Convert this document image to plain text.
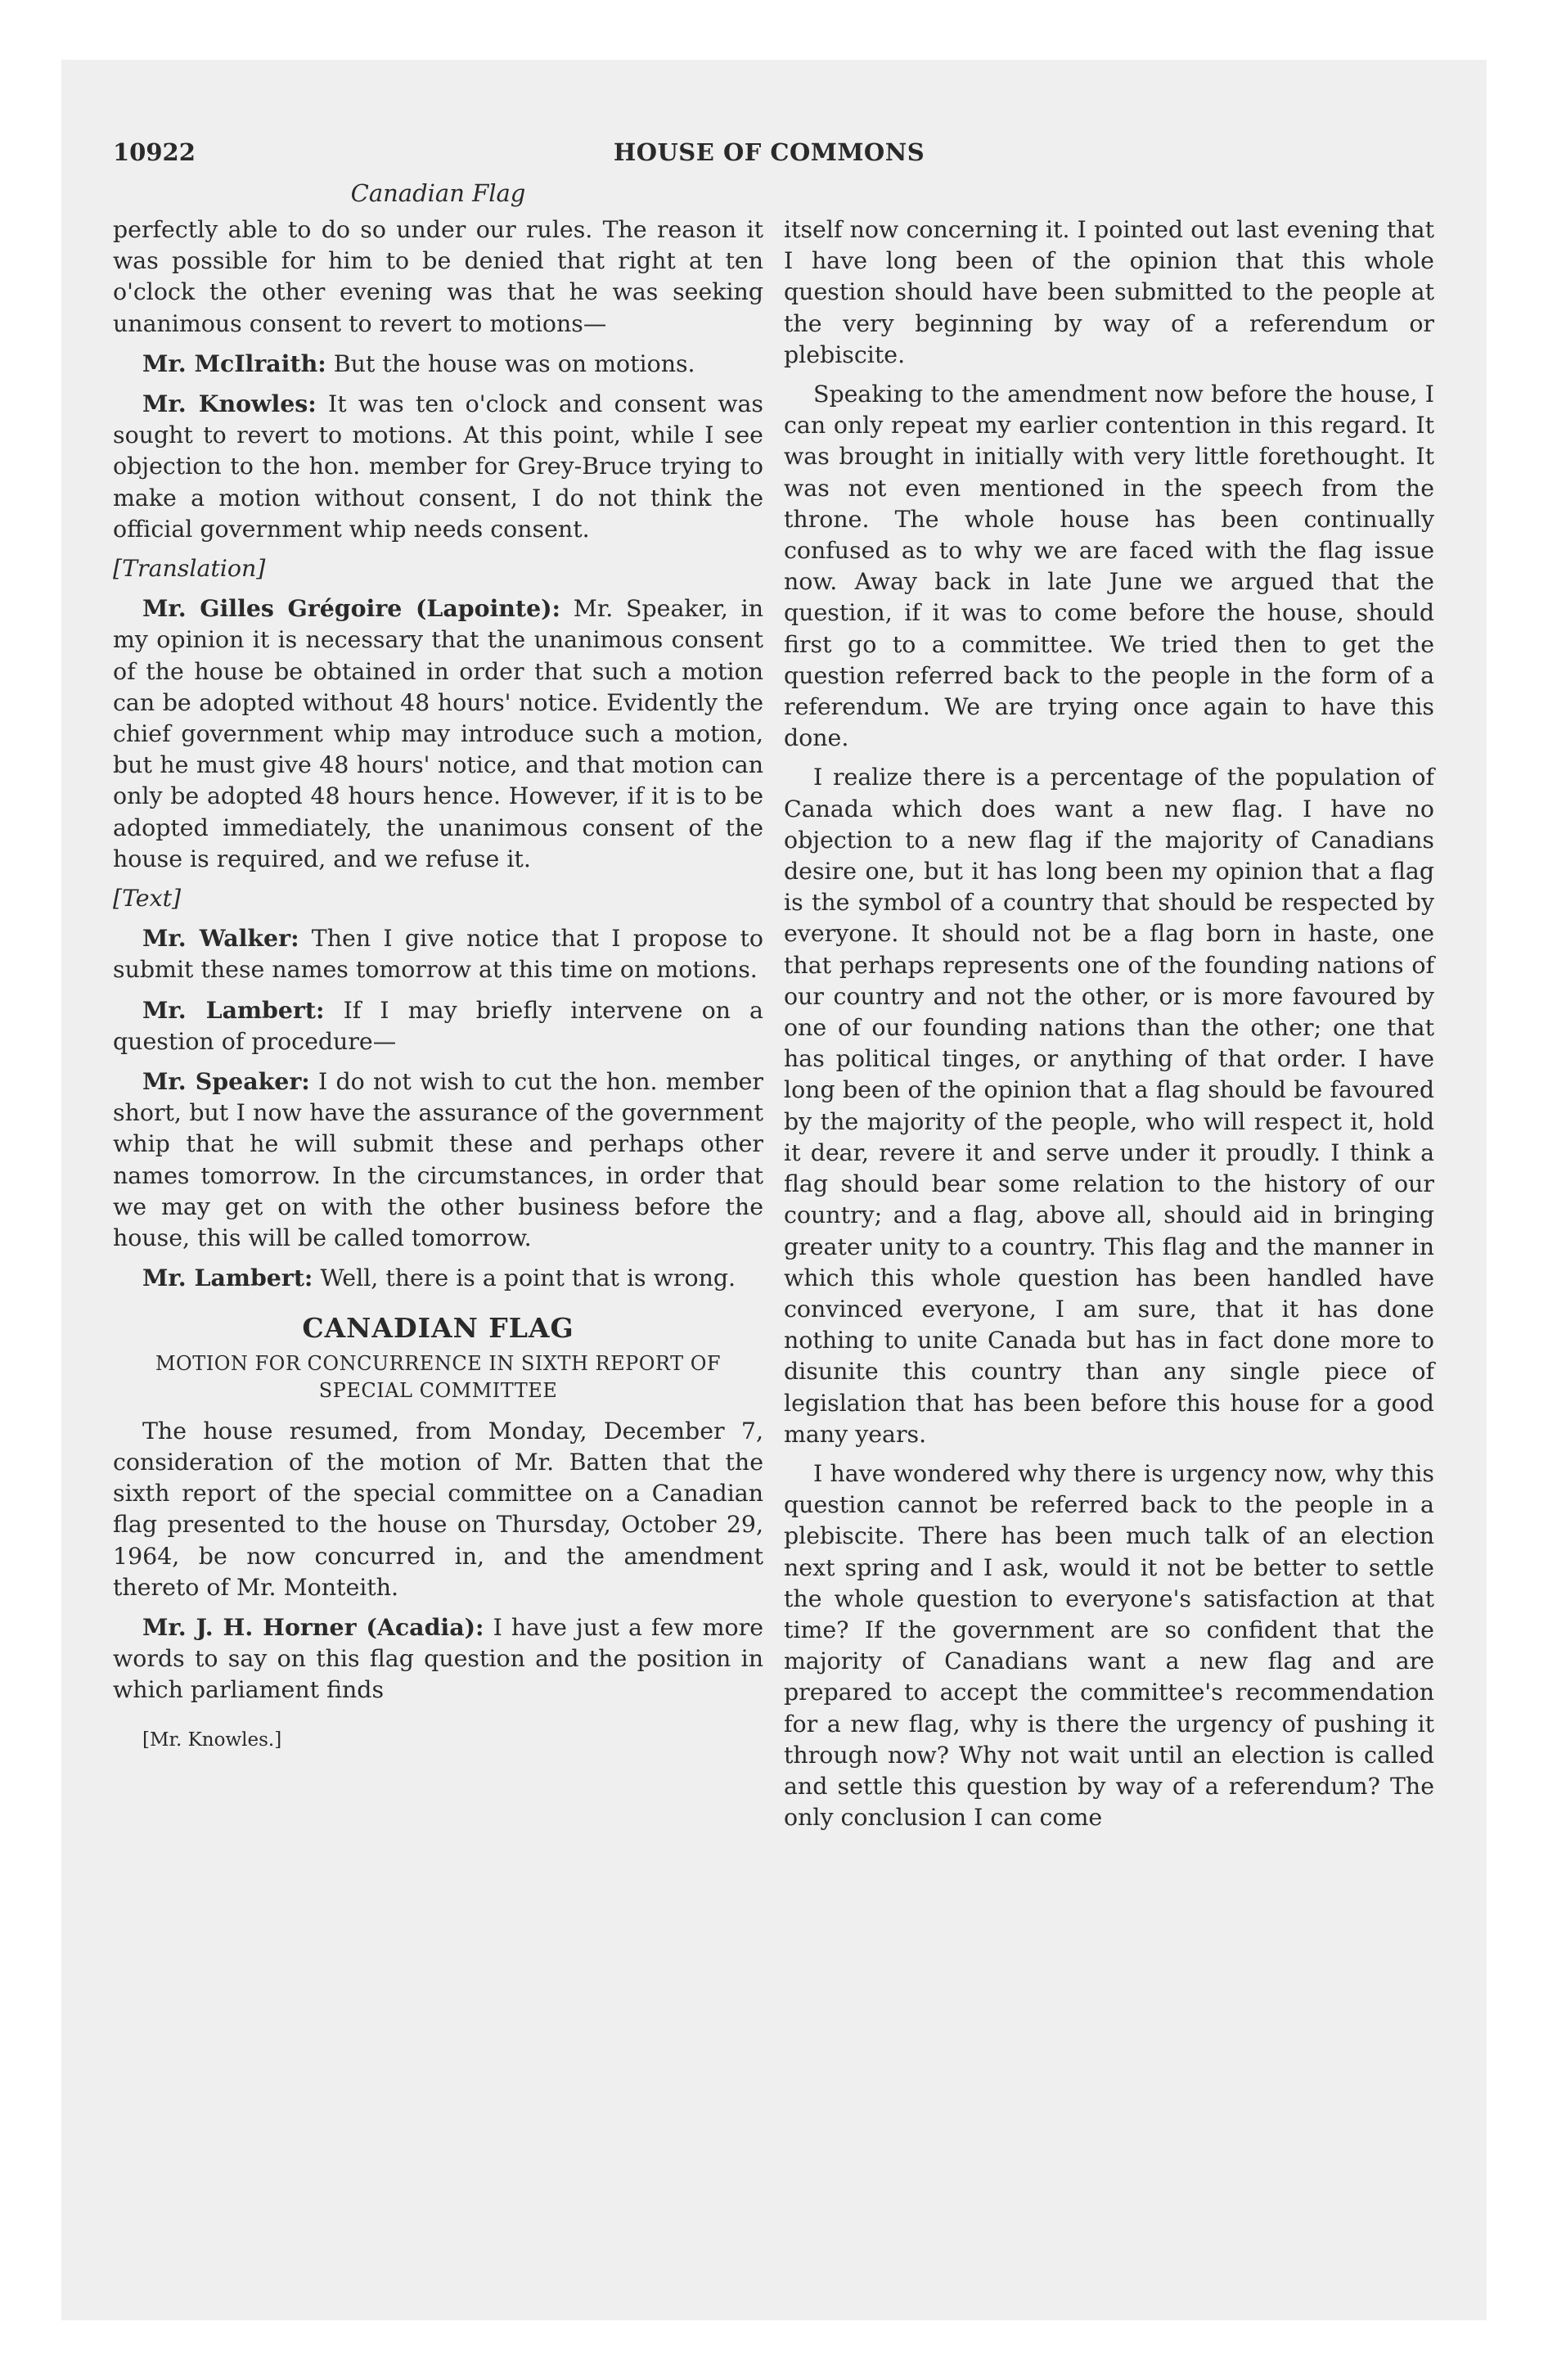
10922	HOUSE OF COMMONS
Canadian Flag

perfectly able to do so under our rules. The reason it was possible for him to be denied that right at ten o'clock the other evening was that he was seeking unanimous consent to revert to motions—

Mr. McIlraith: But the house was on motions.

Mr. Knowles: It was ten o'clock and consent was sought to revert to motions. At this point, while I see objection to the hon. member for Grey-Bruce trying to make a motion without consent, I do not think the official government whip needs consent.

[Translation]

Mr. Gilles Grégoire (Lapointe): Mr. Speaker, in my opinion it is necessary that the unanimous consent of the house be obtained in order that such a motion can be adopted without 48 hours' notice. Evidently the chief government whip may introduce such a motion, but he must give 48 hours' notice, and that motion can only be adopted 48 hours hence. However, if it is to be adopted immediately, the unanimous consent of the house is required, and we refuse it.

[Text]

Mr. Walker: Then I give notice that I propose to submit these names tomorrow at this time on motions.

Mr. Lambert: If I may briefly intervene on a question of procedure—

Mr. Speaker: I do not wish to cut the hon. member short, but I now have the assurance of the government whip that he will submit these and perhaps other names tomorrow. In the circumstances, in order that we may get on with the other business before the house, this will be called tomorrow.

Mr. Lambert: Well, there is a point that is wrong.

CANADIAN FLAG
MOTION FOR CONCURRENCE IN SIXTH REPORT OF SPECIAL COMMITTEE

The house resumed, from Monday, December 7, consideration of the motion of Mr. Batten that the sixth report of the special committee on a Canadian flag presented to the house on Thursday, October 29, 1964, be now concurred in, and the amendment thereto of Mr. Monteith.

Mr. J. H. Horner (Acadia): I have just a few more words to say on this flag question and the position in which parliament finds

[Mr. Knowles.]

itself now concerning it. I pointed out last evening that I have long been of the opinion that this whole question should have been submitted to the people at the very beginning by way of a referendum or plebiscite.

Speaking to the amendment now before the house, I can only repeat my earlier contention in this regard. It was brought in initially with very little forethought. It was not even mentioned in the speech from the throne. The whole house has been continually confused as to why we are faced with the flag issue now. Away back in late June we argued that the question, if it was to come before the house, should first go to a committee. We tried then to get the question referred back to the people in the form of a referendum. We are trying once again to have this done.

I realize there is a percentage of the population of Canada which does want a new flag. I have no objection to a new flag if the majority of Canadians desire one, but it has long been my opinion that a flag is the symbol of a country that should be respected by everyone. It should not be a flag born in haste, one that perhaps represents one of the founding nations of our country and not the other, or is more favoured by one of our founding nations than the other; one that has political tinges, or anything of that order. I have long been of the opinion that a flag should be favoured by the majority of the people, who will respect it, hold it dear, revere it and serve under it proudly. I think a flag should bear some relation to the history of our country; and a flag, above all, should aid in bringing greater unity to a country. This flag and the manner in which this whole question has been handled have convinced everyone, I am sure, that it has done nothing to unite Canada but has in fact done more to disunite this country than any single piece of legislation that has been before this house for a good many years.

I have wondered why there is urgency now, why this question cannot be referred back to the people in a plebiscite. There has been much talk of an election next spring and I ask, would it not be better to settle the whole question to everyone's satisfaction at that time? If the government are so confident that the majority of Canadians want a new flag and are prepared to accept the committee's recommendation for a new flag, why is there the urgency of pushing it through now? Why not wait until an election is called and settle this question by way of a referendum? The only conclusion I can come
